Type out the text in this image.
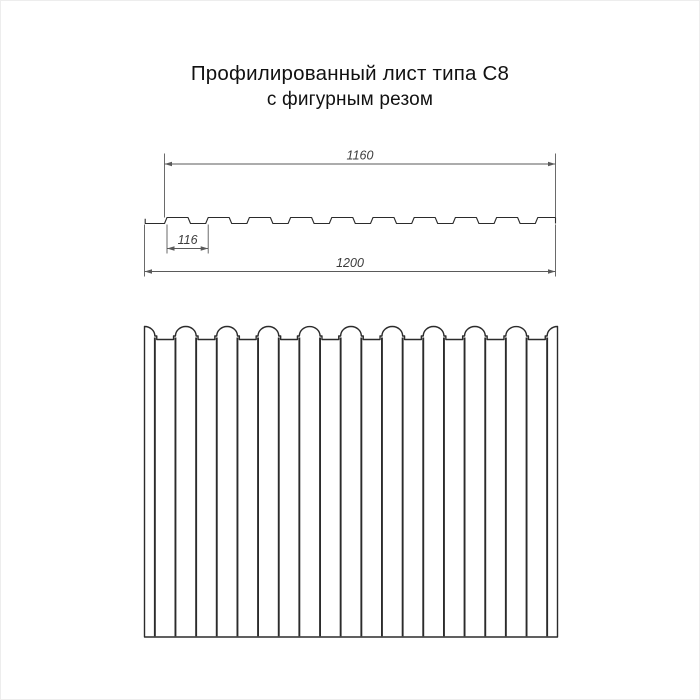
Профилированный лист типа С8
с фигурным резом
1160
116
1200
